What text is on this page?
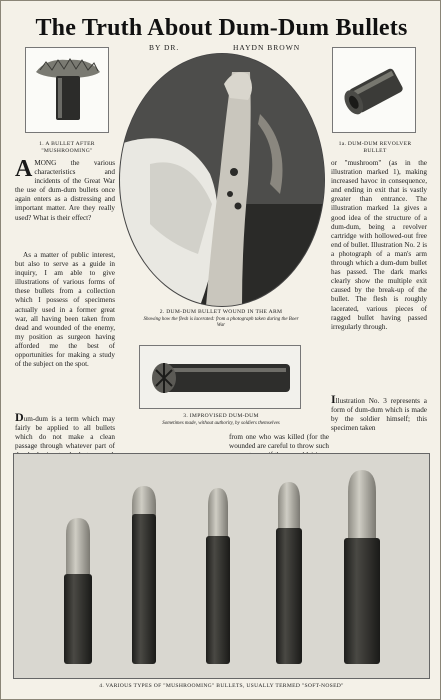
The Truth About Dum-Dum Bullets
BY DR.	HAYDN BROWN
1. A BULLET AFTER "MUSHROOMING"
1a. DUM-DUM REVOLVER BULLET
2. DUM-DUM BULLET WOUND IN THE ARM
Showing how the flesh is lacerated: from a photograph taken during the Boer War

AMONG the various characteristics and incidents of the Great War the use of dum-dum bullets once again enters as a distressing and important matter. Are they really used? What is their effect?

As a matter of public interest, but also to serve as a guide in inquiry, I am able to give illustrations of various forms of these bullets from a collection which I possess of specimens actually used in a former great war, all having been taken from dead and wounded of the enemy, my position as surgeon having afforded me the best of opportunities for making a study of the subject on the spot.

or "mushroom" (as in the illustration marked 1), making increased havoc in consequence, and ending in exit that is vastly greater than entrance. The illustration marked 1a gives a good idea of the structure of a dum-dum, being a revolver cartridge with hollowed-out free end of bullet. Illustration No. 2 is a photograph of a man's arm through which a dum-dum bullet has passed. The dark marks clearly show the multiple exit caused by the break-up of the bullet. The flesh is roughly lacerated, various pieces of ragged bullet having passed irregularly through.

3. IMPROVISED DUM-DUM
Sometimes made, without authority, by soldiers themselves

Dum-dum is a term which may fairly be applied to all bullets which do not make a clean passage through whatever part of

from one who was killed (for the wounded are careful to throw such

Illustration No. 3 represents a form of dum-dum which is made by the soldier himself; this specimen taken

4. VARIOUS TYPES OF "MUSHROOMING" BULLETS, USUALLY TERMED "SOFT-NOSED"
